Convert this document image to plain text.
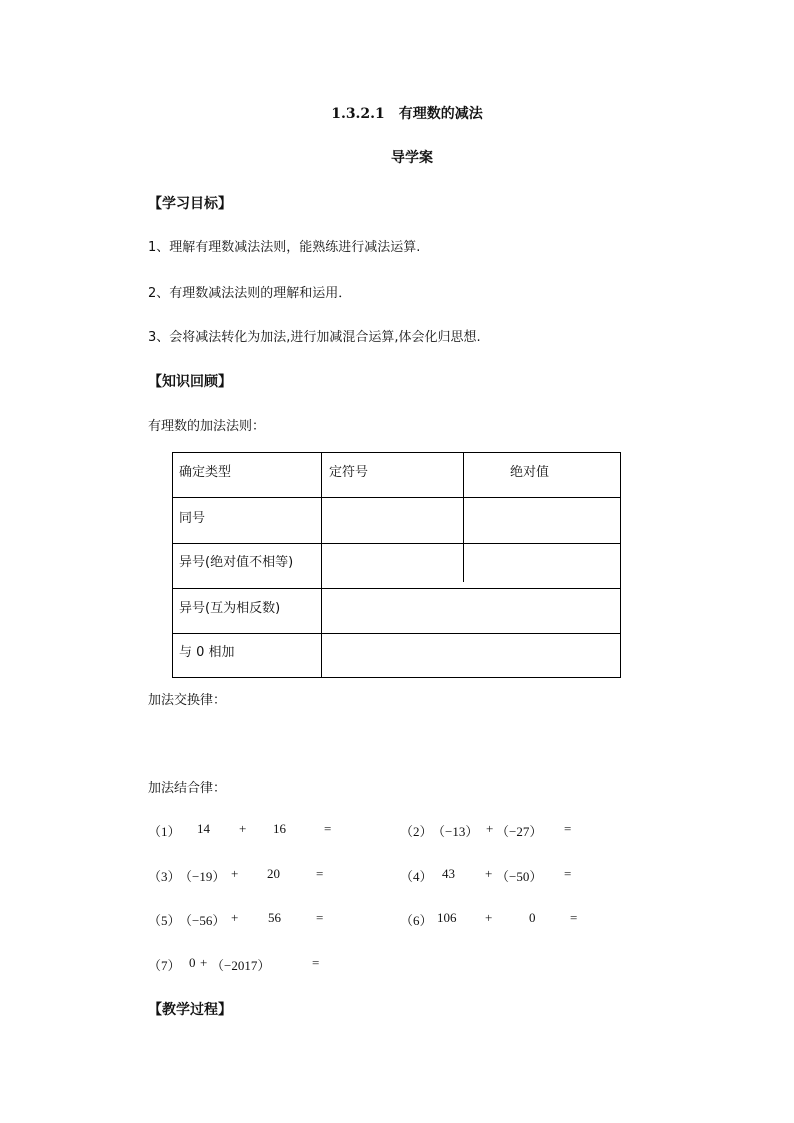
1.3.2.1　有理数的减法
导学案
【学习目标】
1、理解有理数减法法则，能熟练进行减法运算.
2、有理数减法法则的理解和运用．
3、会将减法转化为加法,进行加减混合运算,体会化归思想.
【知识回顾】
有理数的加法法则：
确定类型	定符号	绝对值
同号
异号(绝对值不相等)
异号(互为相反数)
与 0 相加
加法交换律：
加法结合律：
（1） 14 + 16	=	（2） （−13） + （−27） =
（3）
（−19） + 20	=	（4） 43 + （−50） =
（5）
（−56） + 56	=	（6） 106 +	0	=
（7） 0 + （−2017）	=
【教学过程】
